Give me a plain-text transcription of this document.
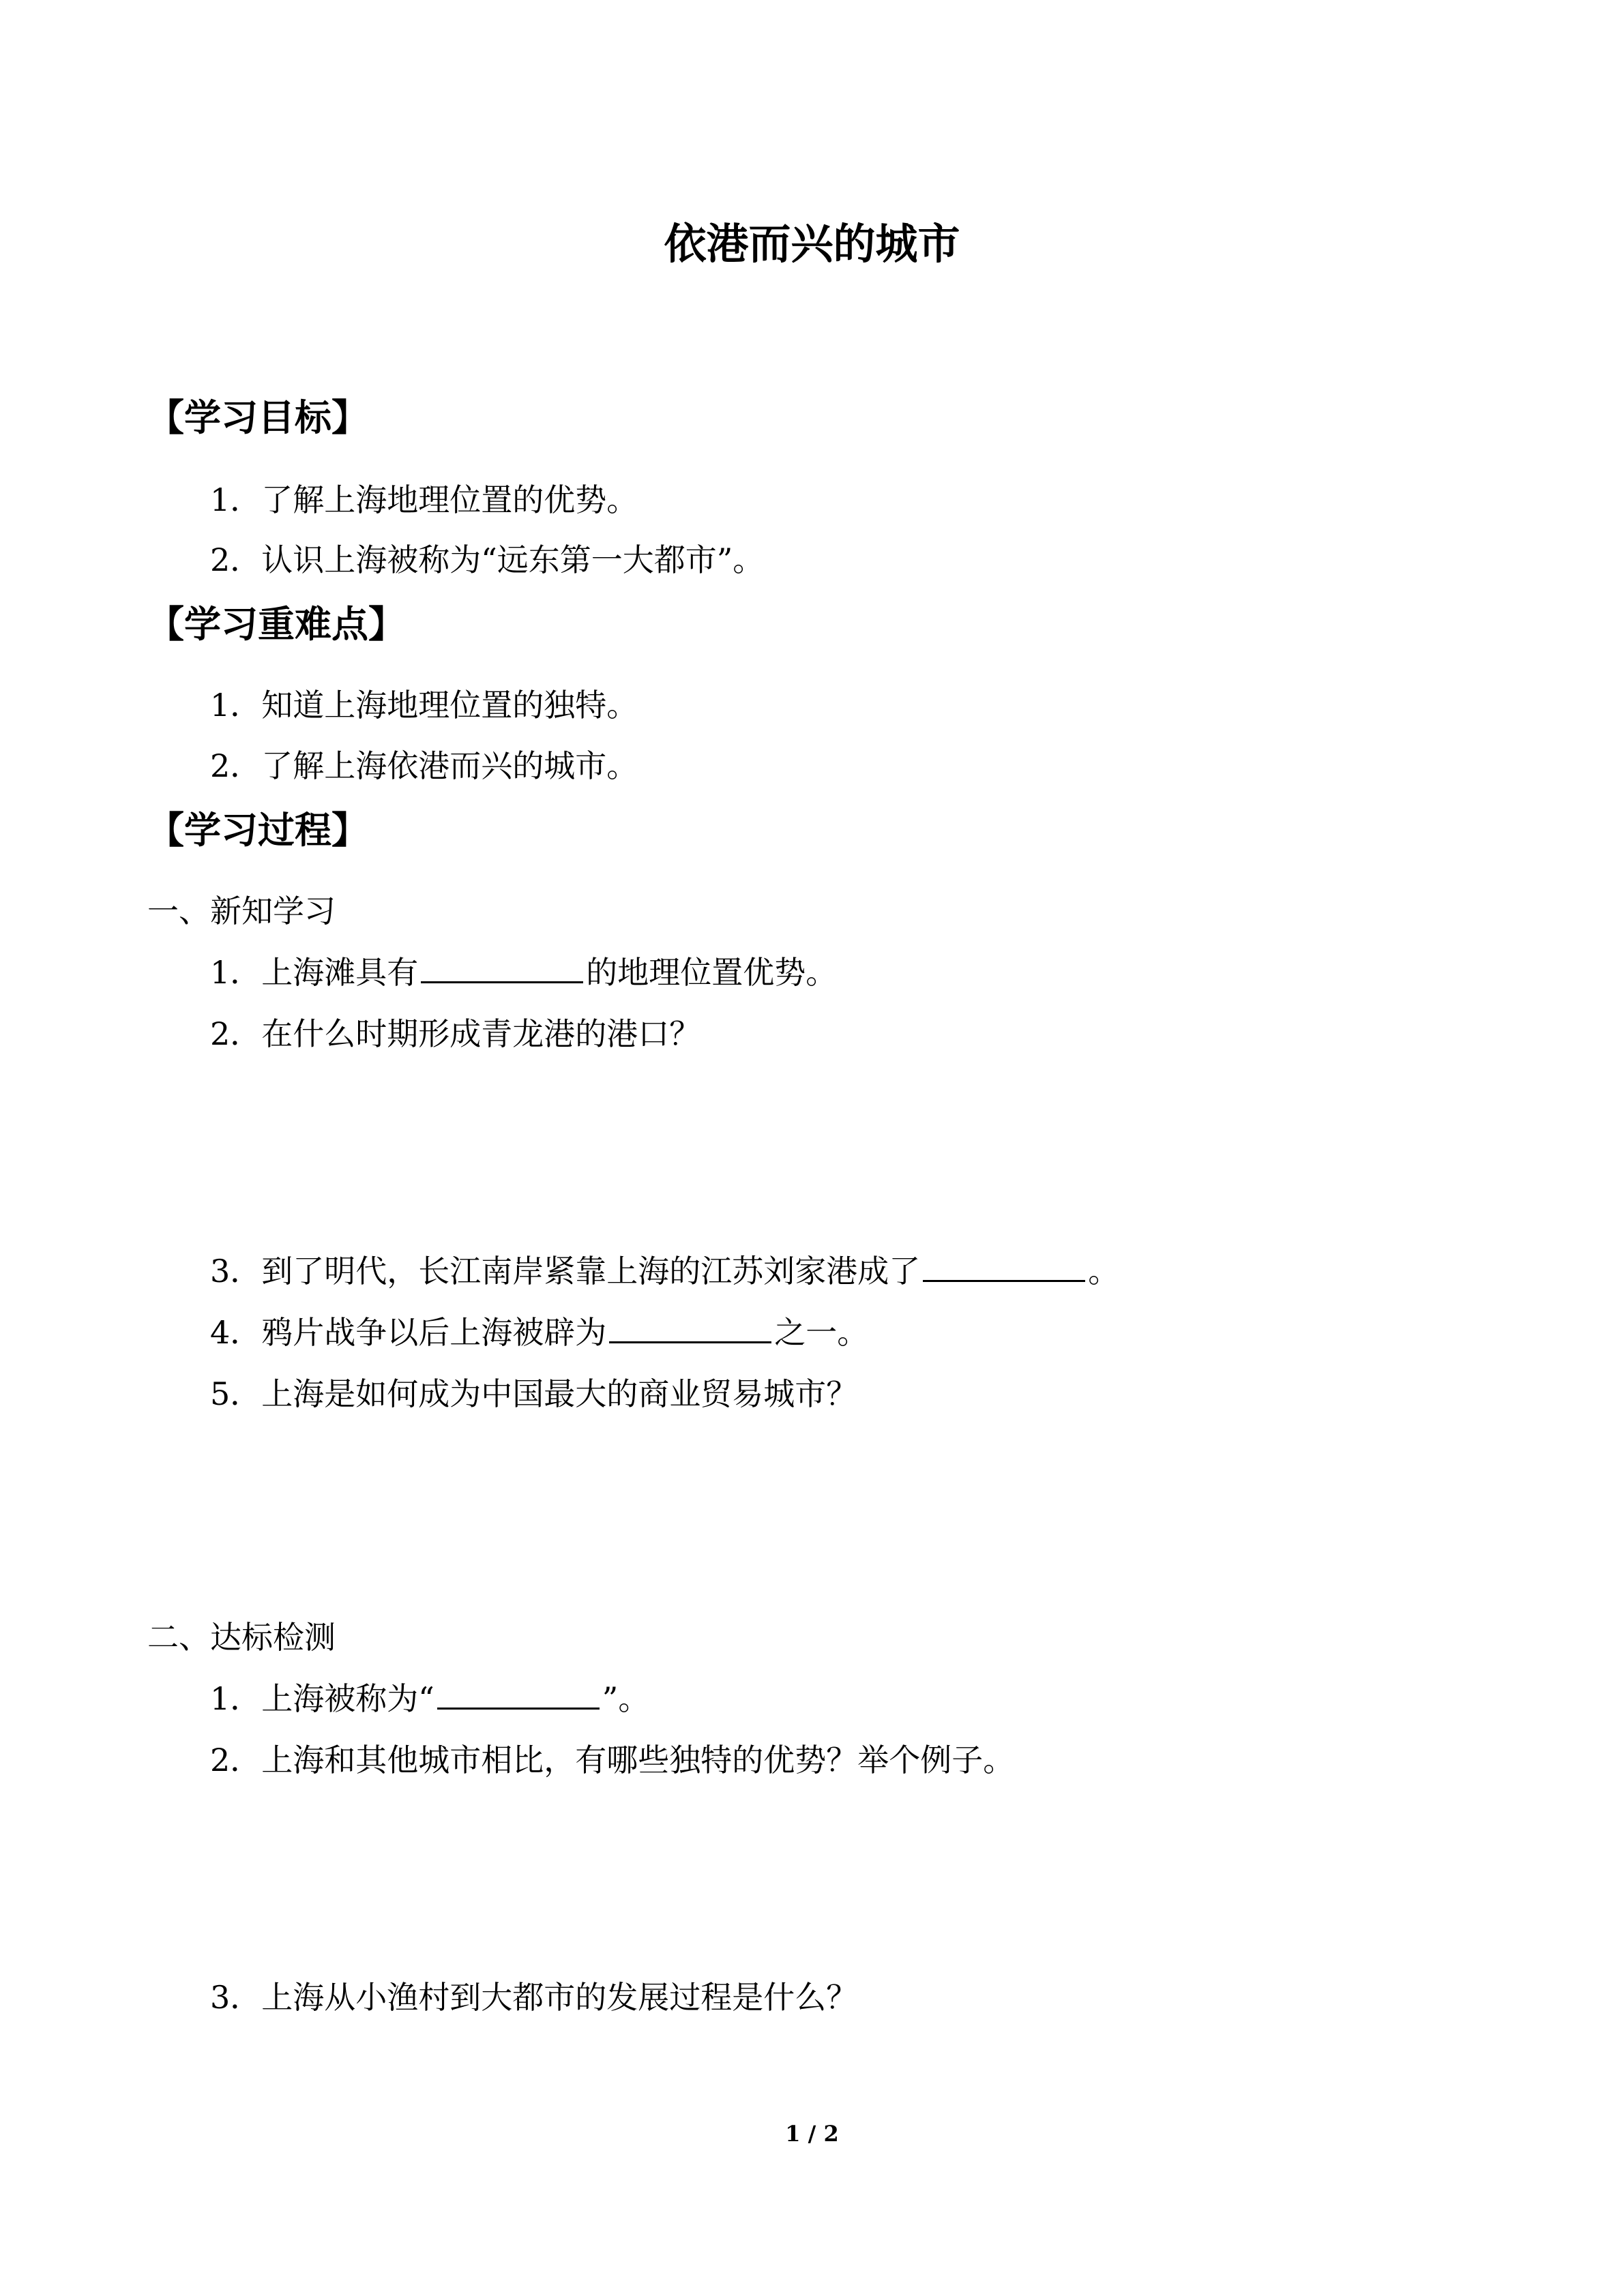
依港而兴的城市
【学习目标】
1．了解上海地理位置的优势。
2．认识上海被称为“远东第一大都市”。
【学习重难点】
1．知道上海地理位置的独特。
2．了解上海依港而兴的城市。
【学习过程】
一、新知学习
1．上海滩具有	的地理位置优势。
2．在什么时期形成青龙港的港口？
3．到了明代，长江南岸紧靠上海的江苏刘家港成了	。
4．鸦片战争以后上海被辟为	之一。
5．上海是如何成为中国最大的商业贸易城市？
二、达标检测
1．上海被称为“	”。
2．上海和其他城市相比，有哪些独特的优势？举个例子。
3．上海从小渔村到大都市的发展过程是什么？
1 / 2
